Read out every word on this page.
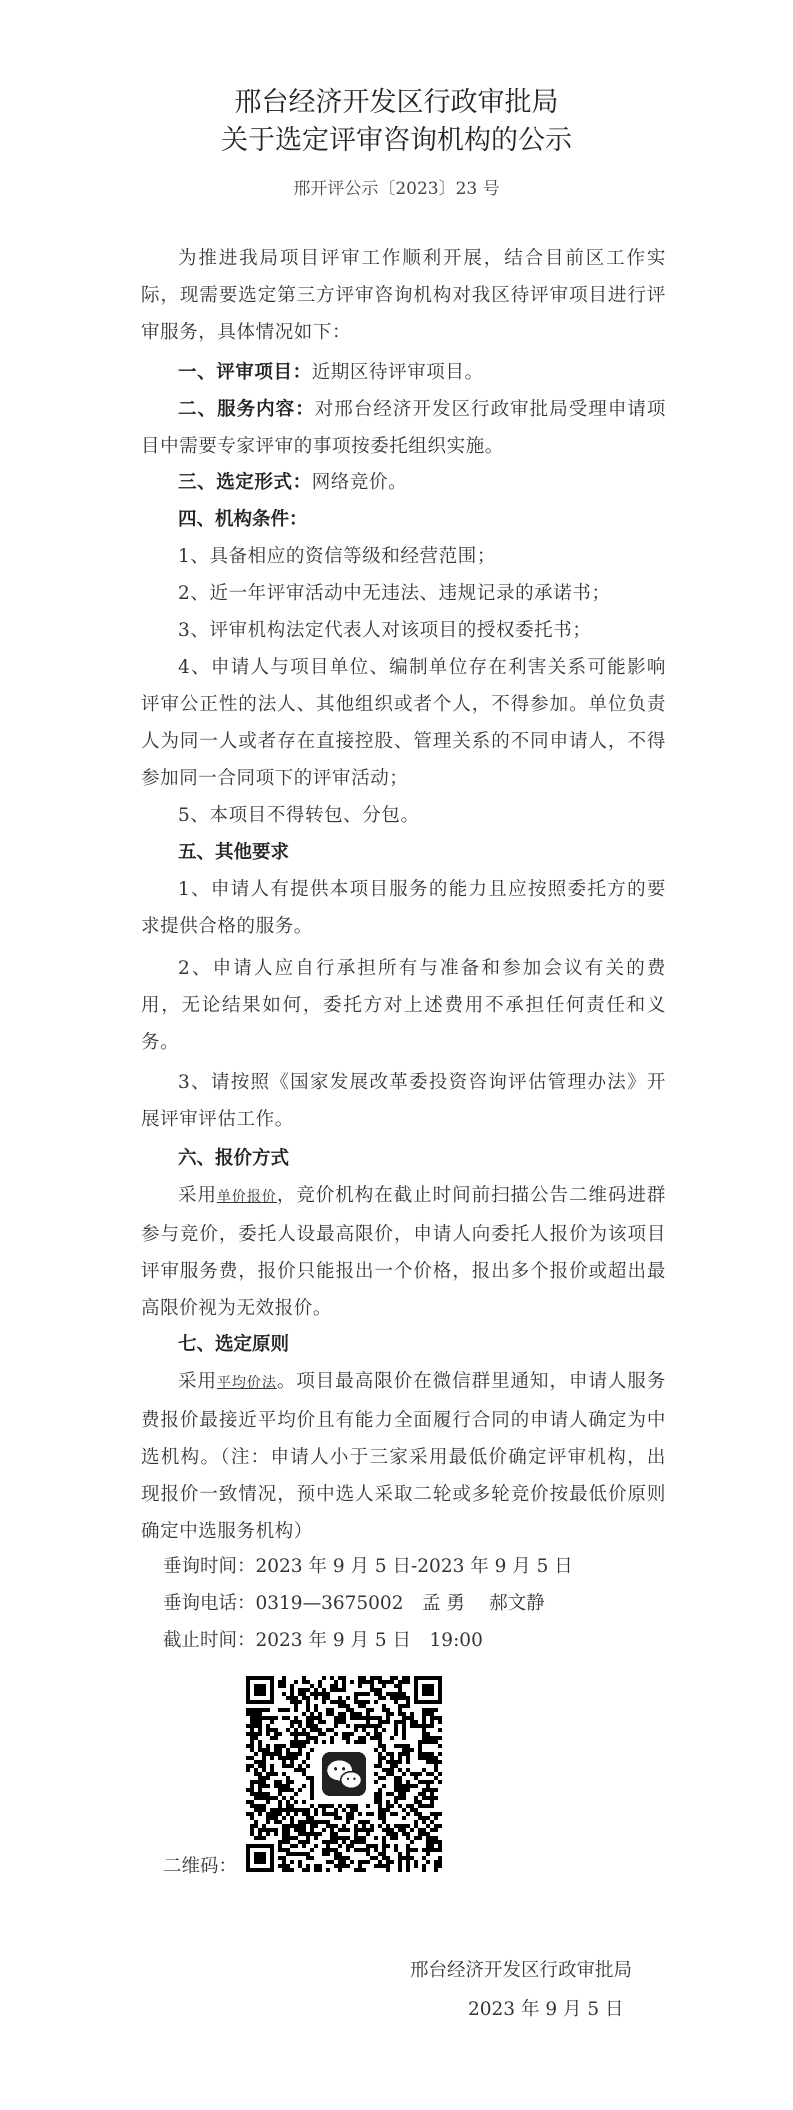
邢台经济开发区行政审批局
关于选定评审咨询机构的公示
邢开评公示〔2023〕23 号

为推进我局项目评审工作顺利开展，结合目前区工作实际，现需要选定第三方评审咨询机构对我区待评审项目进行评审服务，具体情况如下：

一、评审项目：近期区待评审项目。

二、服务内容：对邢台经济开发区行政审批局受理申请项目中需要专家评审的事项按委托组织实施。

三、选定形式：网络竞价。

四、机构条件：

1、具备相应的资信等级和经营范围；

2、近一年评审活动中无违法、违规记录的承诺书；

3、评审机构法定代表人对该项目的授权委托书；

4、申请人与项目单位、编制单位存在利害关系可能影响评审公正性的法人、其他组织或者个人，不得参加。单位负责人为同一人或者存在直接控股、管理关系的不同申请人，不得参加同一合同项下的评审活动；

5、本项目不得转包、分包。

五、其他要求

1、申请人有提供本项目服务的能力且应按照委托方的要求提供合格的服务。

2、申请人应自行承担所有与准备和参加会议有关的费用，无论结果如何，委托方对上述费用不承担任何责任和义务。

3、请按照《国家发展改革委投资咨询评估管理办法》开展评审评估工作。

六、报价方式

采用单价报价，竞价机构在截止时间前扫描公告二维码进群参与竞价，委托人设最高限价，申请人向委托人报价为该项目评审服务费，报价只能报出一个价格，报出多个报价或超出最高限价视为无效报价。

七、选定原则

采用平均价法。项目最高限价在微信群里通知，申请人服务费报价最接近平均价且有能力全面履行合同的申请人确定为中选机构。（注：申请人小于三家采用最低价确定评审机构，出现报价一致情况，预中选人采取二轮或多轮竞价按最低价原则确定中选服务机构）

垂询时间：2023 年 9 月 5 日-2023 年 9 月 5 日

垂询电话：0319—3675002　孟 勇　 郝文静

截止时间：2023 年 9 月 5 日　19:00

二维码：

邢台经济开发区行政审批局
2023 年 9 月 5 日
